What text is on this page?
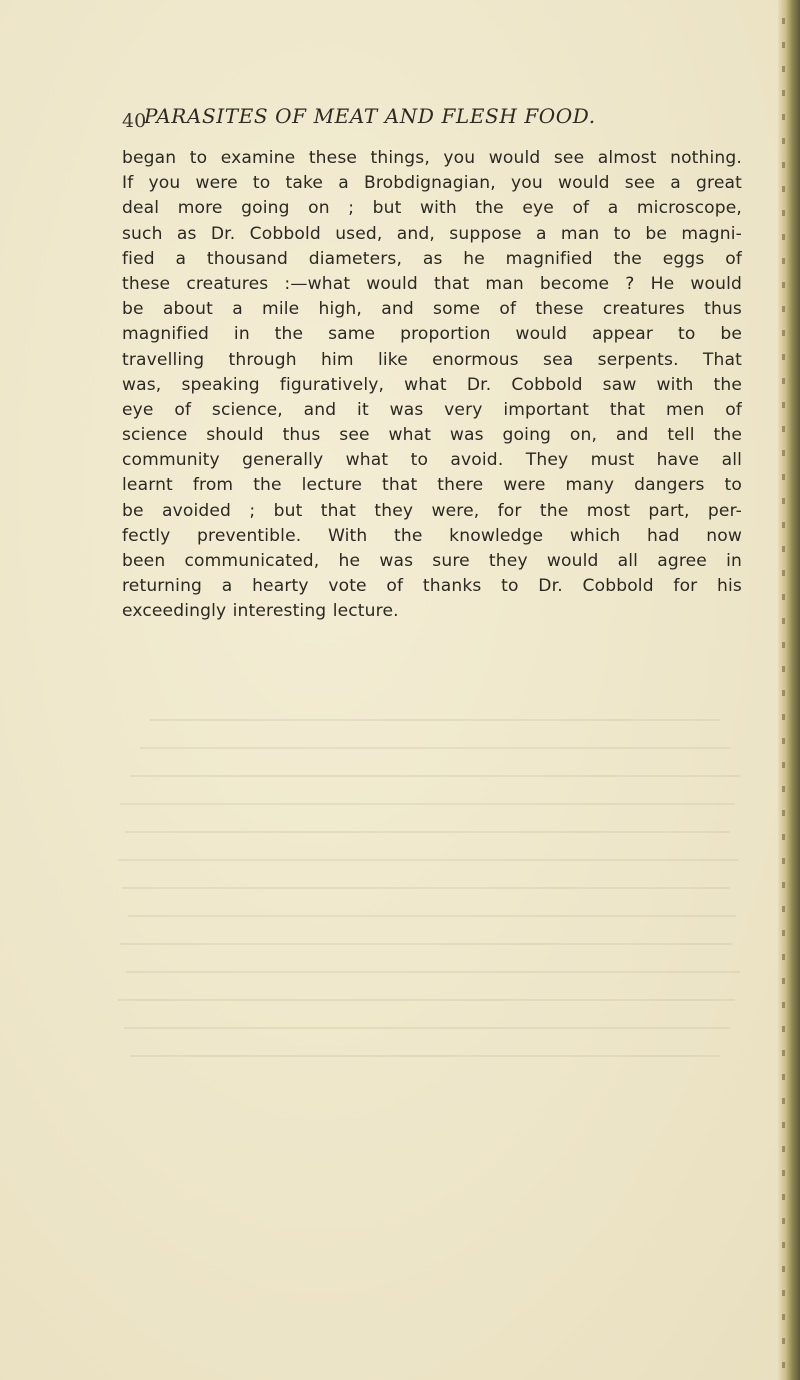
40
PARASITES OF MEAT AND FLESH FOOD.
began to examine these things, you would see almost nothing.
If you were to take a Brobdignagian, you would see a great
deal more going on ; but with the eye of a microscope,
such as Dr. Cobbold used, and, suppose a man to be magni-
fied a thousand diameters, as he magnified the eggs of
these creatures :—what would that man become ? He would
be about a mile high, and some of these creatures thus
magnified in the same proportion would appear to be
travelling through him like enormous sea serpents. That
was, speaking figuratively, what Dr. Cobbold saw with the
eye of science, and it was very important that men of
science should thus see what was going on, and tell the
community generally what to avoid. They must have all
learnt from the lecture that there were many dangers to
be avoided ; but that they were, for the most part, per-
fectly preventible. With the knowledge which had now
been communicated, he was sure they would all agree in
returning a hearty vote of thanks to Dr. Cobbold for his
exceedingly interesting lecture.
